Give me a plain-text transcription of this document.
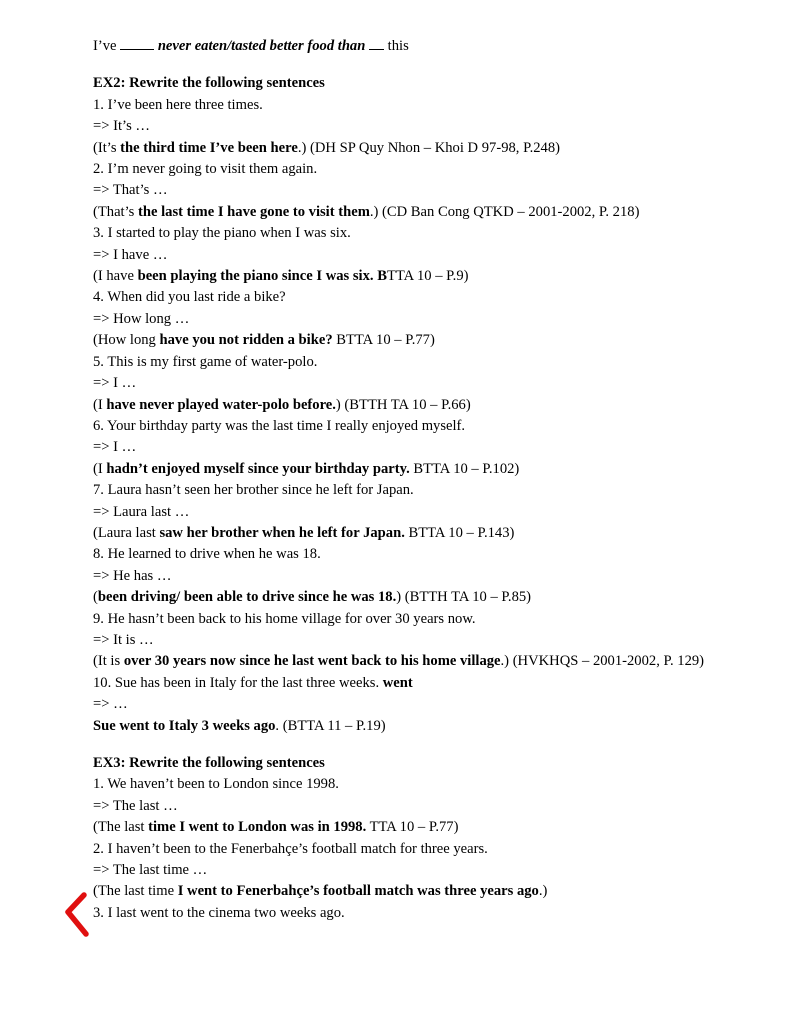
I’ve	never eaten/tasted better food than this
EX2: Rewrite the following sentences
1. I’ve been here three times.
=> It’s …
(It’s the third time I’ve been here.) (DH SP Quy Nhon – Khoi D 97-98, P.248)
2. I’m never going to visit them again.
=> That’s …
(That’s the last time I have gone to visit them.) (CD Ban Cong QTKD – 2001-2002, P. 218)
3. I started to play the piano when I was six.
=> I have …
(I have been playing the piano since I was six. BTTA 10 – P.9)
4. When did you last ride a bike?
=> How long …
(How long have you not ridden a bike? BTTA 10 – P.77)
5. This is my first game of water-polo.
=> I …
(I have never played water-polo before.) (BTTH TA 10 – P.66)
6. Your birthday party was the last time I really enjoyed myself.
=> I …
(I hadn’t enjoyed myself since your birthday party. BTTA 10 – P.102)
7. Laura hasn’t seen her brother since he left for Japan.
=> Laura last …
(Laura last saw her brother when he left for Japan. BTTA 10 – P.143)
8. He learned to drive when he was 18.
=> He has …
(been driving/ been able to drive since he was 18.) (BTTH TA 10 – P.85)
9. He hasn’t been back to his home village for over 30 years now.
=> It is …
(It is over 30 years now since he last went back to his home village.) (HVKHQS – 2001-2002, P. 129)
10. Sue has been in Italy for the last three weeks. went
=> …
Sue went to Italy 3 weeks ago. (BTTA 11 – P.19)
EX3: Rewrite the following sentences
1. We haven’t been to London since 1998.
=> The last …
(The last time I went to London was in 1998. TTA 10 – P.77)
2. I haven’t been to the Fenerbahçe’s football match for three years.
=> The last time …
(The last time I went to Fenerbahçe’s football match was three years ago.)
3. I last went to the cinema two weeks ago.
